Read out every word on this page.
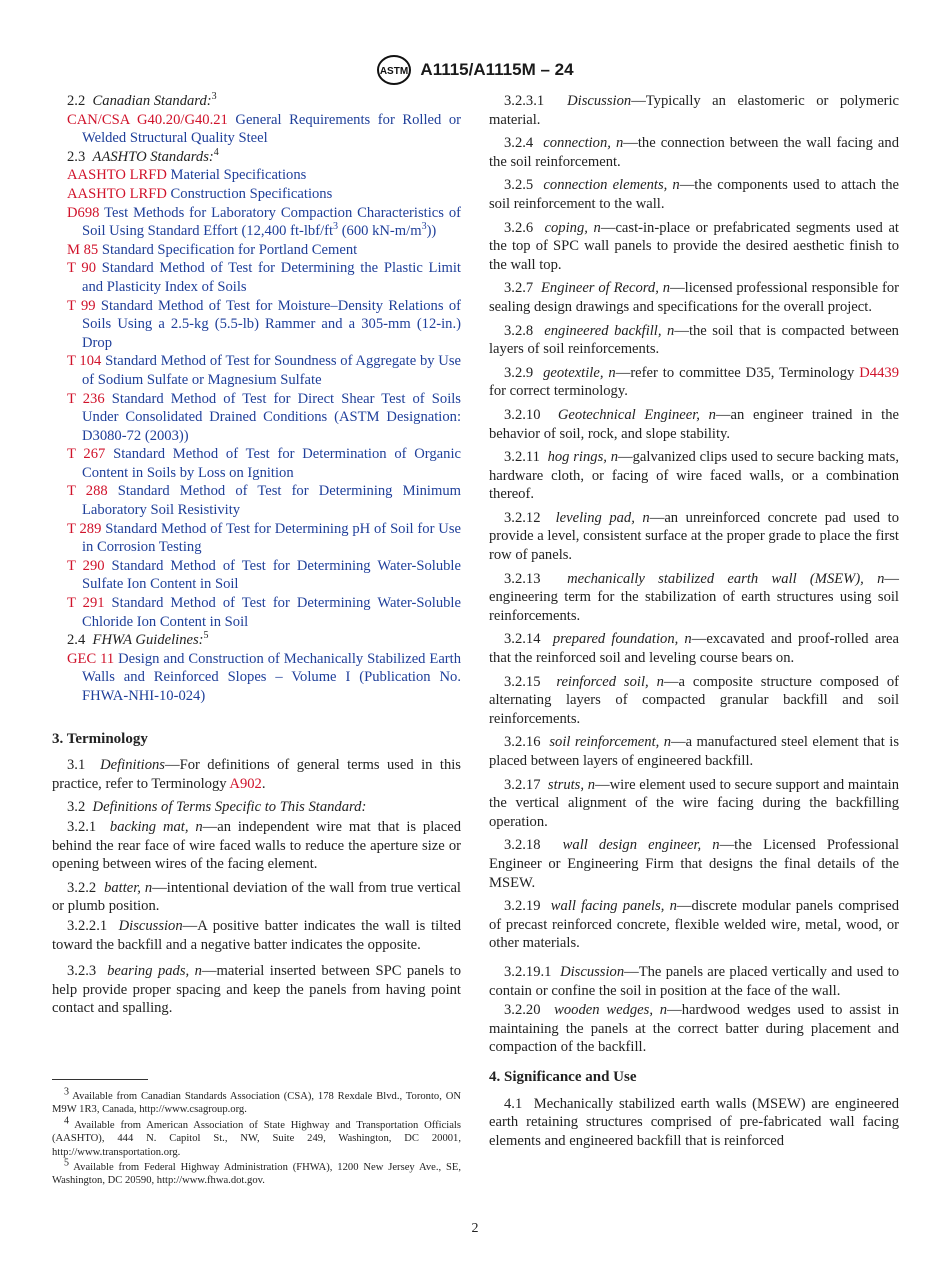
ASTM A1115/A1115M – 24

2.2 Canadian Standard:$^3$

CAN/CSA G40.20/G40.21 General Requirements for Rolled or Welded Structural Quality Steel

2.3 AASHTO Standards:$^4$

AASHTO LRFD Material Specifications

AASHTO LRFD Construction Specifications

D698 Test Methods for Laboratory Compaction Characteristics of Soil Using Standard Effort (12,400 $ft-lbf/ft^3$ (600 $kN-m/m^3$))

M 85 Standard Specification for Portland Cement

T 90 Standard Method of Test for Determining the Plastic Limit and Plasticity Index of Soils

T 99 Standard Method of Test for Moisture–Density Relations of Soils Using a 2.5-kg (5.5-lb) Rammer and a 305-mm (12-in.) Drop

T 104 Standard Method of Test for Soundness of Aggregate by Use of Sodium Sulfate or Magnesium Sulfate

T 236 Standard Method of Test for Direct Shear Test of Soils Under Consolidated Drained Conditions (ASTM Designation: D3080-72 (2003))

T 267 Standard Method of Test for Determination of Organic Content in Soils by Loss on Ignition

T 288 Standard Method of Test for Determining Minimum Laboratory Soil Resistivity

T 289 Standard Method of Test for Determining pH of Soil for Use in Corrosion Testing

T 290 Standard Method of Test for Determining Water-Soluble Sulfate Ion Content in Soil

T 291 Standard Method of Test for Determining Water-Soluble Chloride Ion Content in Soil

2.4 FHWA Guidelines:$^5$

GEC 11 Design and Construction of Mechanically Stabilized Earth Walls and Reinforced Slopes – Volume I (Publication No. FHWA-NHI-10-024)

3. Terminology

3.1 Definitions—For definitions of general terms used in this practice, refer to Terminology A902.

3.2 Definitions of Terms Specific to This Standard:

3.2.1 backing mat, n—an independent wire mat that is placed behind the rear face of wire faced walls to reduce the aperture size or opening between wires of the facing element.

3.2.2 batter, n—intentional deviation of the wall from true vertical or plumb position.

3.2.2.1 Discussion—A positive batter indicates the wall is tilted toward the backfill and a negative batter indicates the opposite.

3.2.3 bearing pads, n—material inserted between SPC panels to help provide proper spacing and keep the panels from having point contact and spalling.

$^3$ Available from Canadian Standards Association (CSA), 178 Rexdale Blvd., Toronto, ON M9W 1R3, Canada, http://www.csagroup.org.

$^4$ Available from American Association of State Highway and Transportation Officials (AASHTO), 444 N. Capitol St., NW, Suite 249, Washington, DC 20001, http://www.transportation.org.

$^5$ Available from Federal Highway Administration (FHWA), 1200 New Jersey Ave., SE, Washington, DC 20590, http://www.fhwa.dot.gov.

3.2.3.1 Discussion—Typically an elastomeric or polymeric material.

3.2.4 connection, n—the connection between the wall facing and the soil reinforcement.

3.2.5 connection elements, n—the components used to attach the soil reinforcement to the wall.

3.2.6 coping, n—cast-in-place or prefabricated segments used at the top of SPC wall panels to provide the desired aesthetic finish to the wall top.

3.2.7 Engineer of Record, n—licensed professional responsible for sealing design drawings and specifications for the overall project.

3.2.8 engineered backfill, n—the soil that is compacted between layers of soil reinforcements.

3.2.9 geotextile, n—refer to committee D35, Terminology D4439 for correct terminology.

3.2.10 Geotechnical Engineer, n—an engineer trained in the behavior of soil, rock, and slope stability.

3.2.11 hog rings, n—galvanized clips used to secure backing mats, hardware cloth, or facing of wire faced walls, or a combination thereof.

3.2.12 leveling pad, n—an unreinforced concrete pad used to provide a level, consistent surface at the proper grade to place the first row of panels.

3.2.13 mechanically stabilized earth wall (MSEW), n—engineering term for the stabilization of earth structures using soil reinforcements.

3.2.14 prepared foundation, n—excavated and proof-rolled area that the reinforced soil and leveling course bears on.

3.2.15 reinforced soil, n—a composite structure composed of alternating layers of compacted granular backfill and soil reinforcements.

3.2.16 soil reinforcement, n—a manufactured steel element that is placed between layers of engineered backfill.

3.2.17 struts, n—wire element used to secure support and maintain the vertical alignment of the wire facing during the backfilling operation.

3.2.18 wall design engineer, n—the Licensed Professional Engineer or Engineering Firm that designs the final details of the MSEW.

3.2.19 wall facing panels, n—discrete modular panels comprised of precast reinforced concrete, flexible welded wire, metal, wood, or other materials.

3.2.19.1 Discussion—The panels are placed vertically and used to contain or confine the soil in position at the face of the wall.

3.2.20 wooden wedges, n—hardwood wedges used to assist in maintaining the panels at the correct batter during placement and compaction of the backfill.

4. Significance and Use

4.1 Mechanically stabilized earth walls (MSEW) are engineered earth retaining structures comprised of pre-fabricated wall facing elements and engineered backfill that is reinforced

2
